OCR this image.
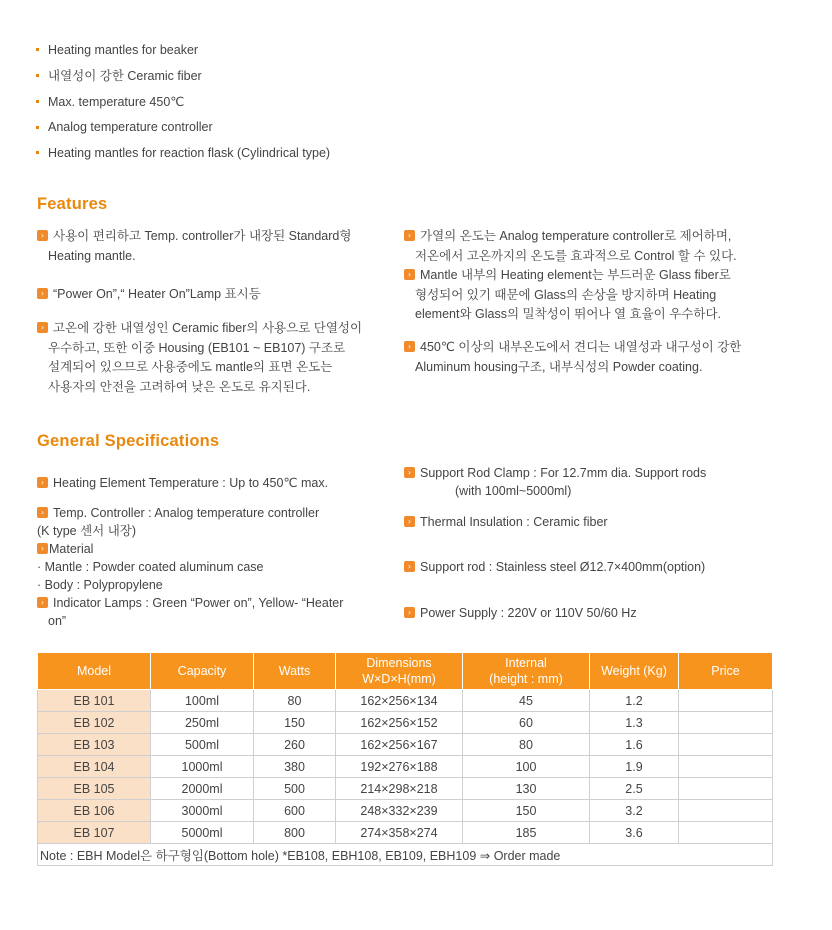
Heating mantles for beaker
내열성이 강한 Ceramic fiber
Max. temperature 450℃
Analog temperature controller
Heating mantles for reaction flask (Cylindrical type)
Features
› 사용이 편리하고 Temp. controller가 내장된 Standard형
Heating mantle.
› “Power On”,“ Heater On”Lamp 표시등
› 고온에 강한 내열성인 Ceramic fiber의 사용으로 단열성이
우수하고, 또한 이중 Housing (EB101 ~ EB107) 구조로
설계되어 있으므로 사용중에도 mantle의 표면 온도는
사용자의 안전을 고려하여 낮은 온도로 유지된다.
› 가열의 온도는 Analog temperature controller로 제어하며,
저온에서 고온까지의 온도를 효과적으로 Control 할 수 있다.
› Mantle 내부의 Heating element는 부드러운 Glass fiber로
형성되어 있기 때문에 Glass의 손상을 방지하며 Heating
element와 Glass의 밀착성이 뛰어나 열 효율이 우수하다.
› 450℃ 이상의 내부온도에서 견디는 내열성과 내구성이 강한
Aluminum housing구조, 내부식성의 Powder coating.
General Specifications
› Heating Element Temperature : Up to 450℃ max.
› Temp. Controller : Analog temperature controller
(K type 센서 내장)
› Material
· Mantle : Powder coated aluminum case
· Body : Polypropylene
› Indicator Lamps : Green “Power on”, Yellow- “Heater
on”
› Support Rod Clamp : For 12.7mm dia. Support rods
(with 100ml~5000ml)
› Thermal Insulation : Ceramic fiber
› Support rod : Stainless steel Ø12.7×400mm(option)
› Power Supply : 220V or 110V 50/60 Hz
Model	Capacity	Watts	Dimensions
W×D×H(mm)	Internal
(height : mm)	Weight (Kg)	Price
EB 101	100ml	80	162×256×134	45	1.2	
EB 102	250ml	150	162×256×152	60	1.3	
EB 103	500ml	260	162×256×167	80	1.6	
EB 104	1000ml	380	192×276×188	100	1.9	
EB 105	2000ml	500	214×298×218	130	2.5	
EB 106	3000ml	600	248×332×239	150	3.2	
EB 107	5000ml	800	274×358×274	185	3.6	
Note : EBH Model은 하구형임(Bottom hole) *EB108, EBH108, EB109, EBH109 ⇒ Order made						
